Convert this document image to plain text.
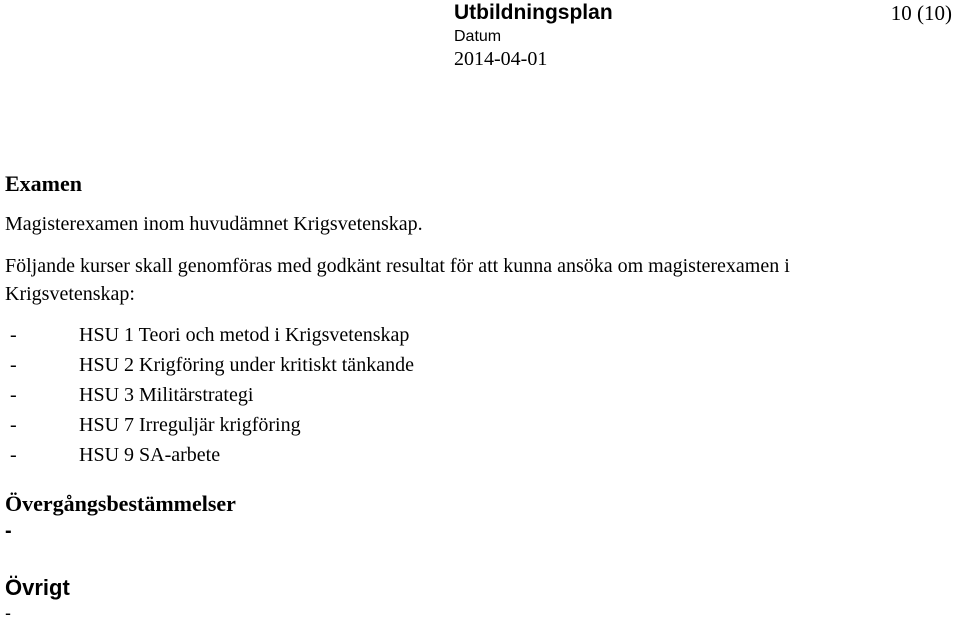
Utbildningsplan	10 (10)
Datum
2014-04-01
Examen

Magisterexamen inom huvudämnet Krigsvetenskap.

Följande kurser skall genomföras med godkänt resultat för att kunna ansöka om magisterexamen i Krigsvetenskap:

-	HSU 1 Teori och metod i Krigsvetenskap
-	HSU 2 Krigföring under kritiskt tänkande
-	HSU 3 Militärstrategi
-	HSU 7 Irreguljär krigföring
-	HSU 9 SA-arbete
Övergångsbestämmelser

-

Övrigt

-
